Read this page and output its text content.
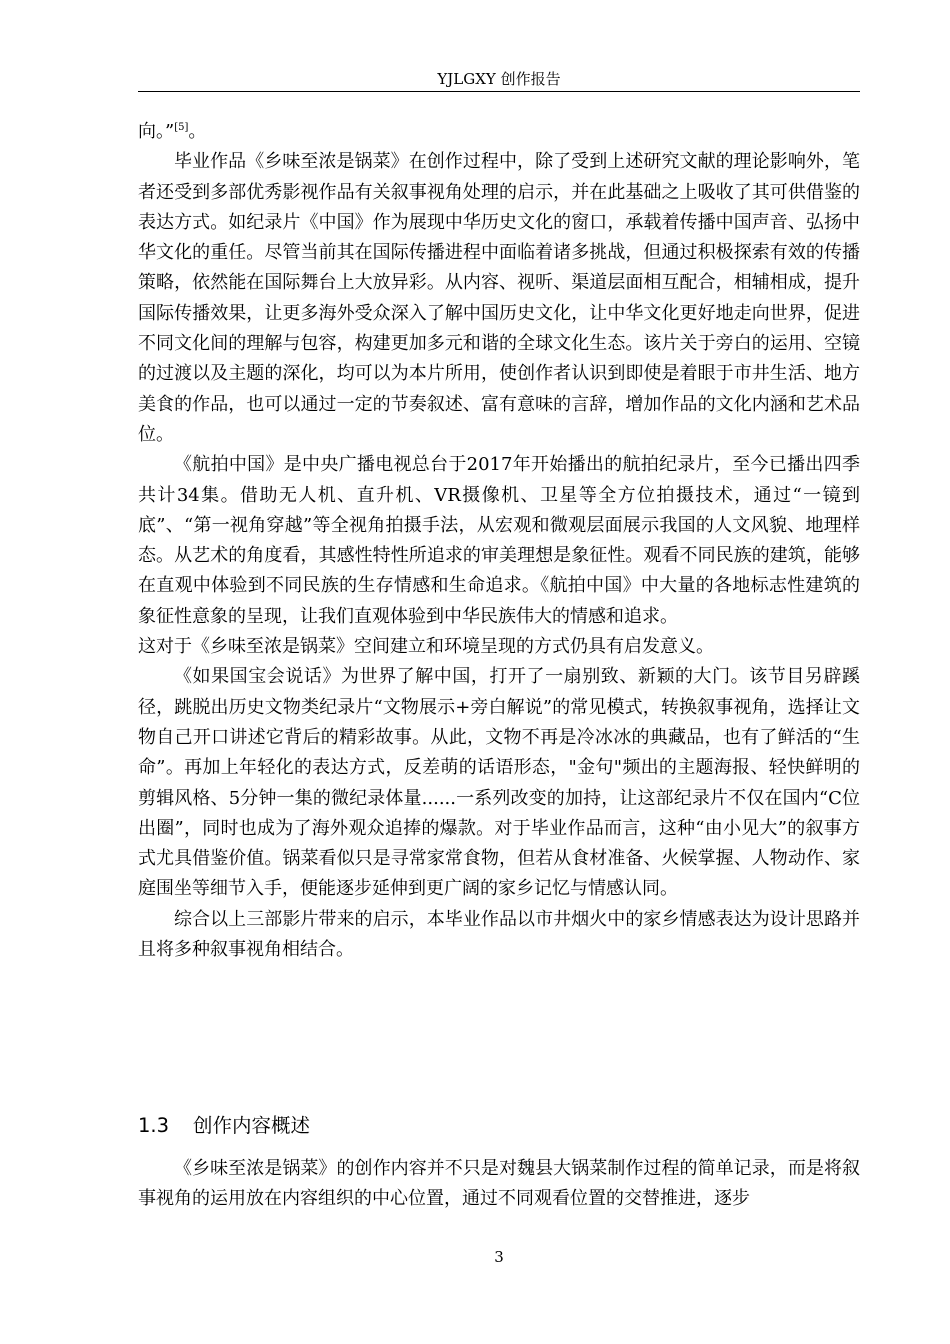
YJLGXY 创作报告

向。”[5]。

毕业作品《乡味至浓是锅菜》在创作过程中，除了受到上述研究文献的理论影响外，笔者还受到多部优秀影视作品有关叙事视角处理的启示，并在此基础之上吸收了其可供借鉴的表达方式。如纪录片《中国》作为展现中华历史文化的窗口，承载着传播中国声音、弘扬中华文化的重任。尽管当前其在国际传播进程中面临着诸多挑战，但通过积极探索有效的传播策略，依然能在国际舞台上大放异彩。从内容、视听、渠道层面相互配合，相辅相成，提升国际传播效果，让更多海外受众深入了解中国历史文化，让中华文化更好地走向世界，促进不同文化间的理解与包容，构建更加多元和谐的全球文化生态。该片关于旁白的运用、空镜的过渡以及主题的深化，均可以为本片所用，使创作者认识到即使是着眼于市井生活、地方美食的作品，也可以通过一定的节奏叙述、富有意味的言辞，增加作品的文化内涵和艺术品位。

《航拍中国》是中央广播电视总台于2017年开始播出的航拍纪录片，至今已播出四季共计34集。借助无人机、直升机、VR摄像机、卫星等全方位拍摄技术，通过“一镜到底”、“第一视角穿越”等全视角拍摄手法，从宏观和微观层面展示我国的人文风貌、地理样态。从艺术的角度看，其感性特性所追求的审美理想是象征性。观看不同民族的建筑，能够在直观中体验到不同民族的生存情感和生命追求。《航拍中国》中大量的各地标志性建筑的象征性意象的呈现，让我们直观体验到中华民族伟大的情感和追求。

这对于《乡味至浓是锅菜》空间建立和环境呈现的方式仍具有启发意义。

《如果国宝会说话》为世界了解中国，打开了一扇别致、新颖的大门。该节目另辟蹊径，跳脱出历史文物类纪录片“文物展示+旁白解说”的常见模式，转换叙事视角，选择让文物自己开口讲述它背后的精彩故事。从此，文物不再是冷冰冰的典藏品，也有了鲜活的“生命”。再加上年轻化的表达方式，反差萌的话语形态，"金句"频出的主题海报、轻快鲜明的剪辑风格、5分钟一集的微纪录体量......一系列改变的加持，让这部纪录片不仅在国内“C位出圈”，同时也成为了海外观众追捧的爆款。对于毕业作品而言，这种“由小见大”的叙事方式尤具借鉴价值。锅菜看似只是寻常家常食物，但若从食材准备、火候掌握、人物动作、家庭围坐等细节入手，便能逐步延伸到更广阔的家乡记忆与情感认同。

综合以上三部影片带来的启示，本毕业作品以市井烟火中的家乡情感表达为设计思路并且将多种叙事视角相结合。

1.3 创作内容概述

《乡味至浓是锅菜》的创作内容并不只是对魏县大锅菜制作过程的简单记录，而是将叙事视角的运用放在内容组织的中心位置，通过不同观看位置的交替推进，逐步

3
